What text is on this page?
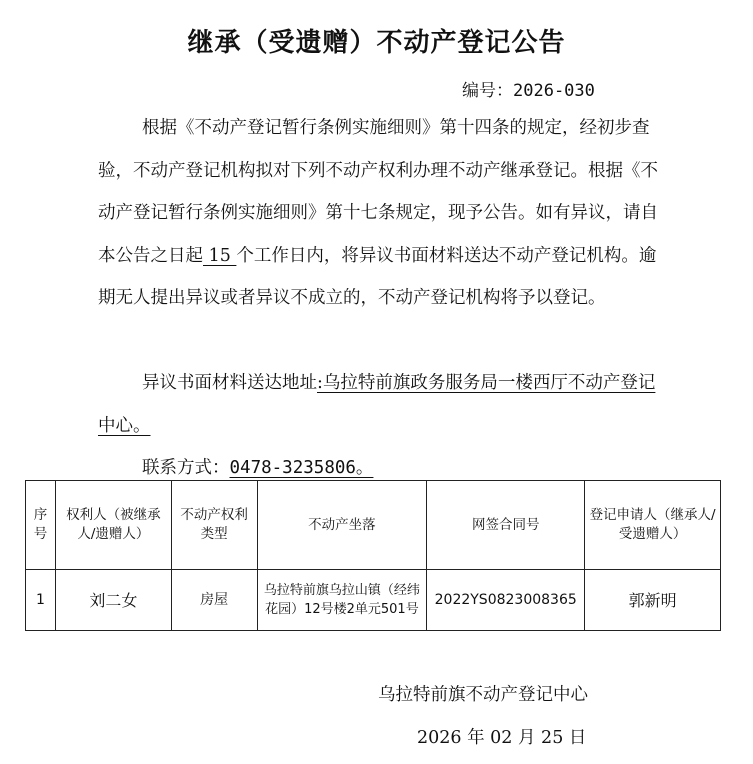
继承（受遗赠）不动产登记公告
编号：2026-030
根据《不动产登记暂行条例实施细则》第十四条的规定，经初步查验，不动产登记机构拟对下列不动产权利办理不动产继承登记。根据《不动产登记暂行条例实施细则》第十七条规定，现予公告。如有异议，请自本公告之日起 15 个工作日内，将异议书面材料送达不动产登记机构。逾期无人提出异议或者异议不成立的，不动产登记机构将予以登记。
异议书面材料送达地址:乌拉特前旗政务服务局一楼西厅不动产登记中心。
联系方式：0478-3235806。
序号	权利人（被继承人/遗赠人）	不动产权利类型	不动产坐落	网签合同号	登记申请人（继承人/受遗赠人）
1	刘二女	房屋	乌拉特前旗乌拉山镇（经纬花园）12号楼2单元501号	2022YS0823008365	郭新明
乌拉特前旗不动产登记中心
2026 年 02 月 25 日
